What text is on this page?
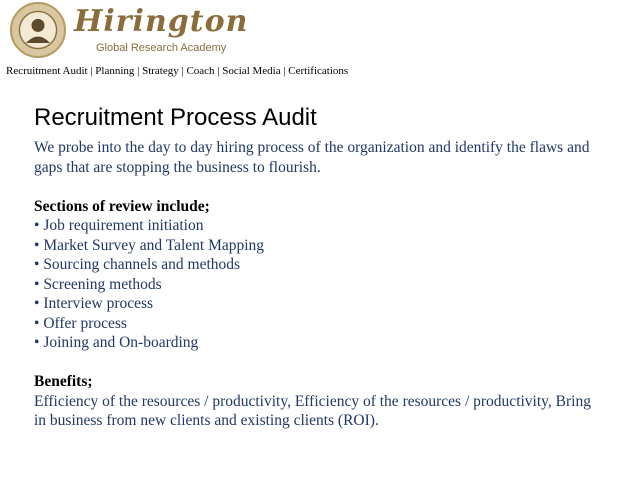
Hirington
Global Research Academy
Recruitment Audit | Planning | Strategy | Coach | Social Media | Certifications
Recruitment Process Audit

We probe into the day to day hiring process of the organization and identify the flaws and gaps that are stopping the business to flourish.

Sections of review include;

• Job requirement initiation
• Market Survey and Talent Mapping
• Sourcing channels and methods
• Screening methods
• Interview process
• Offer process
• Joining and On-boarding

Benefits;

Efficiency of the resources / productivity, Efficiency of the resources / productivity, Bring in business from new clients and existing clients (ROI).
